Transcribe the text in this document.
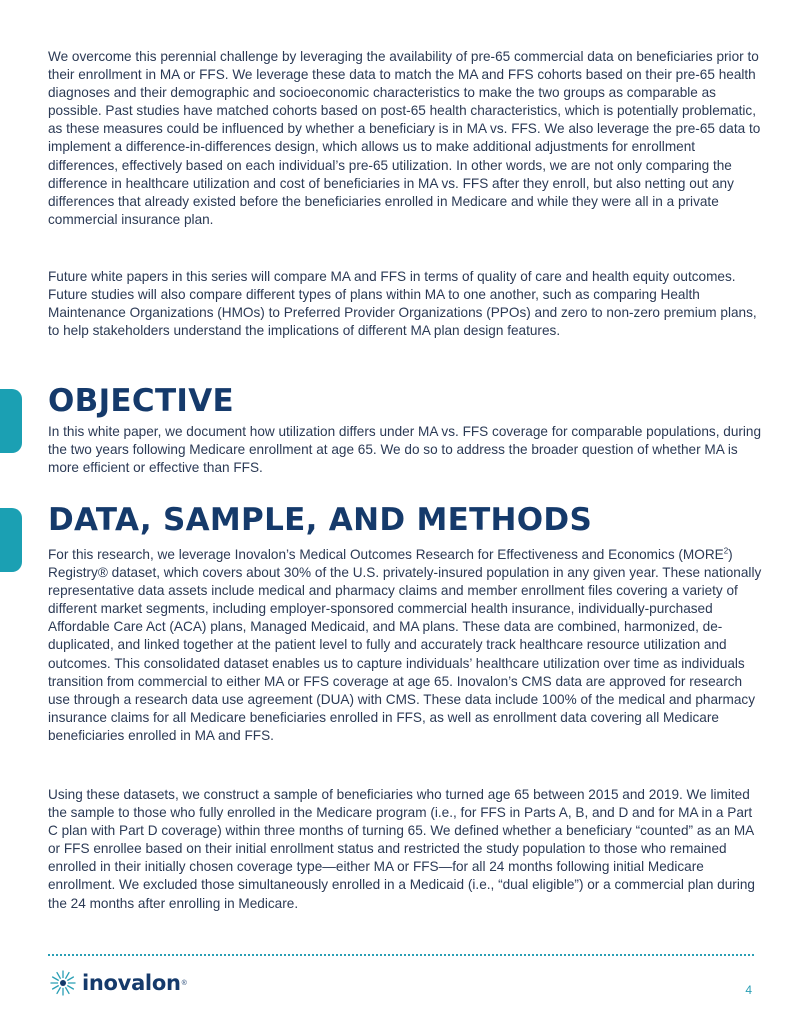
We overcome this perennial challenge by leveraging the availability of pre-65 commercial data on beneficiaries prior to their enrollment in MA or FFS. We leverage these data to match the MA and FFS cohorts based on their pre-65 health diagnoses and their demographic and socioeconomic characteristics to make the two groups as comparable as possible. Past studies have matched cohorts based on post-65 health characteristics, which is potentially problematic, as these measures could be influenced by whether a beneficiary is in MA vs. FFS. We also leverage the pre-65 data to implement a difference-in-differences design, which allows us to make additional adjustments for enrollment differences, effectively based on each individual’s pre-65 utilization. In other words, we are not only comparing the difference in healthcare utilization and cost of beneficiaries in MA vs. FFS after they enroll, but also netting out any differences that already existed before the beneficiaries enrolled in Medicare and while they were all in a private commercial insurance plan.

Future white papers in this series will compare MA and FFS in terms of quality of care and health equity outcomes. Future studies will also compare different types of plans within MA to one another, such as comparing Health Maintenance Organizations (HMOs) to Preferred Provider Organizations (PPOs) and zero to non-zero premium plans, to help stakeholders understand the implications of different MA plan design features.

OBJECTIVE

In this white paper, we document how utilization differs under MA vs. FFS coverage for comparable populations, during the two years following Medicare enrollment at age 65. We do so to address the broader question of whether MA is more efficient or effective than FFS.

DATA, SAMPLE, AND METHODS

For this research, we leverage Inovalon’s Medical Outcomes Research for Effectiveness and Economics (MORE$^2$) Registry® dataset, which covers about 30% of the U.S. privately-insured population in any given year. These nationally representative data assets include medical and pharmacy claims and member enrollment files covering a variety of different market segments, including employer-sponsored commercial health insurance, individually-purchased Affordable Care Act (ACA) plans, Managed Medicaid, and MA plans. These data are combined, harmonized, de-duplicated, and linked together at the patient level to fully and accurately track healthcare resource utilization and outcomes. This consolidated dataset enables us to capture individuals’ healthcare utilization over time as individuals transition from commercial to either MA or FFS coverage at age 65. Inovalon’s CMS data are approved for research use through a research data use agreement (DUA) with CMS. These data include 100% of the medical and pharmacy insurance claims for all Medicare beneficiaries enrolled in FFS, as well as enrollment data covering all Medicare beneficiaries enrolled in MA and FFS.

Using these datasets, we construct a sample of beneficiaries who turned age 65 between 2015 and 2019. We limited the sample to those who fully enrolled in the Medicare program (i.e., for FFS in Parts A, B, and D and for MA in a Part C plan with Part D coverage) within three months of turning 65. We defined whether a beneficiary “counted” as an MA or FFS enrollee based on their initial enrollment status and restricted the study population to those who remained enrolled in their initially chosen coverage type—either MA or FFS—for all 24 months following initial Medicare enrollment. We excluded those simultaneously enrolled in a Medicaid (i.e., “dual eligible”) or a commercial plan during the 24 months after enrolling in Medicare.

inovalon ®	4
